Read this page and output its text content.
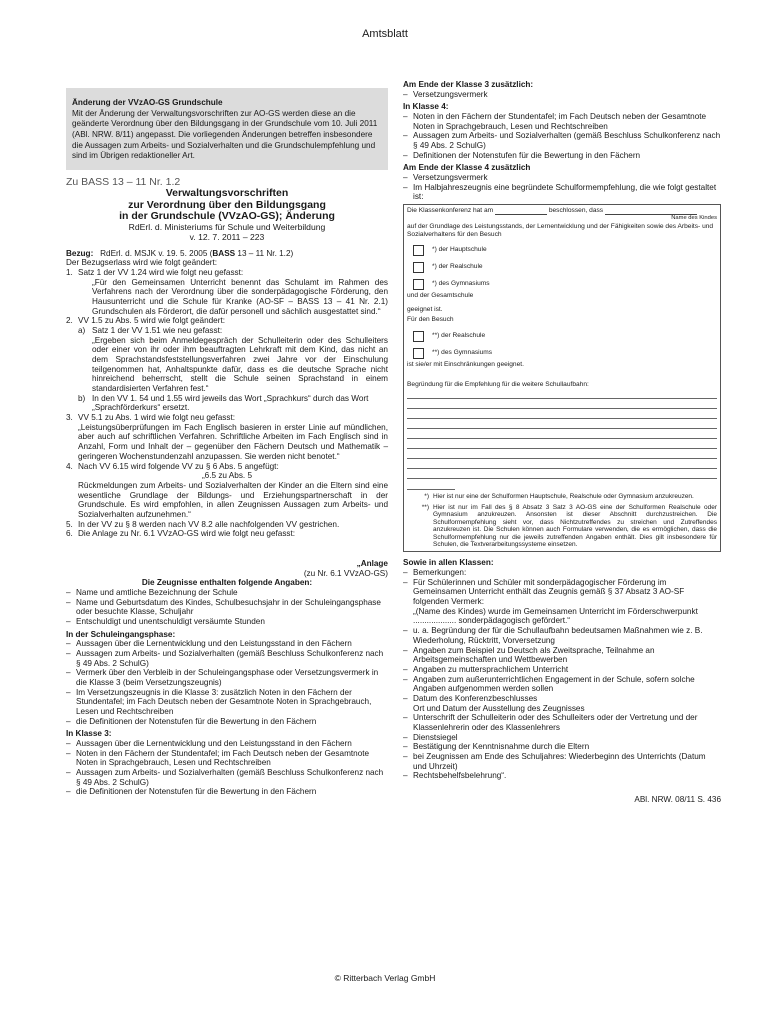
Amtsblatt
Änderung der VVzAO-GS Grundschule
Mit der Änderung der Verwaltungsvorschriften zur AO-GS werden diese an die geänderte Verordnung über den Bildungsgang in der Grundschule vom 10. Juli 2011 (ABl. NRW. 8/11) angepasst. Die vorliegenden Änderungen betreffen insbesondere die Aussagen zum Arbeits- und Sozialverhalten und die Grundschulempfehlung und sind im Übrigen redaktioneller Art.
Zu BASS 13 – 11 Nr. 1.2
Verwaltungsvorschriften
zur Verordnung über den Bildungsgang
in der Grundschule (VVzAO-GS); Änderung
RdErl. d. Ministeriums für Schule und Weiterbildung
v. 12. 7. 2011 – 223

Bezug: RdErl. d. MSJK v. 19. 5. 2005 (BASS 13 – 11 Nr. 1.2)

Der Bezugserlass wird wie folgt geändert:

1. Satz 1 der VV 1.24 wird wie folgt neu gefasst:

„Für den Gemeinsamen Unterricht benennt das Schulamt im Rahmen des Verfahrens nach der Verordnung über die sonderpädagogische Förderung, den Hausunterricht und die Schule für Kranke (AO-SF – BASS 13 – 41 Nr. 2.1) Grundschulen als Förderort, die dafür personell und sächlich ausgestattet sind.“

2. VV 1.5 zu Abs. 5 wird wie folgt geändert:
a) Satz 1 der VV 1.51 wie neu gefasst:

„Ergeben sich beim Anmeldegespräch der Schulleiterin oder des Schulleiters oder einer von ihr oder ihm beauftragten Lehrkraft mit dem Kind, das nicht an dem Sprachstandsfeststellungsverfahren zwei Jahre vor der Einschulung teilgenommen hat, Anhaltspunkte dafür, dass es die deutsche Sprache nicht hinreichend beherrscht, stellt die Schule seinen Sprachstand in einem standardisierten Verfahren fest.“

b) In den VV 1. 54 und 1.55 wird jeweils das Wort „Sprachkurs“ durch das Wort „Sprachförderkurs“ ersetzt.
3. VV 5.1 zu Abs. 1 wird wie folgt neu gefasst:

„Leistungsüberprüfungen im Fach Englisch basieren in erster Linie auf mündlichen, aber auch auf schriftlichen Verfahren. Schriftliche Arbeiten im Fach Englisch sind in Anzahl, Form und Inhalt der – gegenüber den Fächern Deutsch und Mathematik – geringeren Wochenstundenzahl anzupassen. Sie werden nicht benotet.“

4. Nach VV 6.15 wird folgende VV zu § 6 Abs. 5 angefügt:

„6.5 zu Abs. 5

Rückmeldungen zum Arbeits- und Sozialverhalten der Kinder an die Eltern sind eine wesentliche Grundlage der Bildungs- und Erziehungspartnerschaft in der Grundschule. Es wird empfohlen, in allen Zeugnissen Aussagen zum Arbeits- und Sozialverhalten aufzunehmen.“

5. In der VV zu § 8 werden nach VV 8.2 alle nachfolgenden VV gestrichen.
6. Die Anlage zu Nr. 6.1 VVzAO-GS wird wie folgt neu gefasst:

„Anlage

(zu Nr. 6.1 VVzAO-GS)

Die Zeugnisse enthalten folgende Angaben:

– Name und amtliche Bezeichnung der Schule
– Name und Geburtsdatum des Kindes, Schulbesuchsjahr in der Schuleingangsphase oder besuchte Klasse, Schuljahr
– Entschuldigt und unentschuldigt versäumte Stunden

In der Schuleingangsphase:

– Aussagen über die Lernentwicklung und den Leistungsstand in den Fächern
– Aussagen zum Arbeits- und Sozialverhalten (gemäß Beschluss Schulkonferenz nach § 49 Abs. 2 SchulG)
– Vermerk über den Verbleib in der Schuleingangsphase oder Versetzungsvermerk in die Klasse 3 (beim Versetzungszeugnis)
– Im Versetzungszeugnis in die Klasse 3: zusätzlich Noten in den Fächern der Stundentafel; im Fach Deutsch neben der Gesamtnote Noten in Sprachgebrauch, Lesen und Rechtschreiben
– die Definitionen der Notenstufen für die Bewertung in den Fächern

In Klasse 3:

– Aussagen über die Lernentwicklung und den Leistungsstand in den Fächern
– Noten in den Fächern der Stundentafel; im Fach Deutsch neben der Gesamtnote Noten in Sprachgebrauch, Lesen und Rechtschreiben
– Aussagen zum Arbeits- und Sozialverhalten (gemäß Beschluss Schulkonferenz nach § 49 Abs. 2 SchulG)
– die Definitionen der Notenstufen für die Bewertung in den Fächern

Am Ende der Klasse 3 zusätzlich:

– Versetzungsvermerk

In Klasse 4:

– Noten in den Fächern der Stundentafel; im Fach Deutsch neben der Gesamtnote Noten in Sprachgebrauch, Lesen und Rechtschreiben
– Aussagen zum Arbeits- und Sozialverhalten (gemäß Beschluss Schulkonferenz nach § 49 Abs. 2 SchulG)
– Definitionen der Notenstufen für die Bewertung in den Fächern

Am Ende der Klasse 4 zusätzlich

– Versetzungsvermerk
– Im Halbjahreszeugnis eine begründete Schulformempfehlung, die wie folgt gestaltet ist:
Die Klassenkonferenz hat am	beschlossen, dass
Name des Kindes
auf der Grundlage des Leistungsstands, der Lernentwicklung und der Fähigkeiten sowie des Arbeits- und Sozialverhaltens für den Besuch
*) der Hauptschule
*) der Realschule
*) des Gymnasiums
und der Gesamtschule
geeignet ist.
Für den Besuch
**) der Realschule
**) des Gymnasiums
ist sie/er mit Einschränkungen geeignet.
Begründung für die Empfehlung für die weitere Schullaufbahn:
*) Hier ist nur eine der Schulformen Hauptschule, Realschule oder Gymnasium anzukreuzen.
**) Hier ist nur im Fall des § 8 Absatz 3 Satz 3 AO-GS eine der Schulformen Realschule oder Gymnasium anzukreuzen. Ansonsten ist dieser Abschnitt durchzustreichen. Die Schulformempfehlung sieht vor, dass Nichtzutreffendes zu streichen und Zutreffendes anzukreuzen ist. Die Schulen können auch Formulare verwenden, die es ermöglichen, dass die Schulformempfehlung nur die jeweils zutreffenden Angaben enthält. Dies gilt insbesondere für Schulen, die Textverarbeitungssysteme einsetzen.

Sowie in allen Klassen:

– Bemerkungen:
– Für Schülerinnen und Schüler mit sonderpädagogischer Förderung im Gemeinsamen Unterricht enthält das Zeugnis gemäß § 37 Absatz 3 AO-SF folgenden Vermerk:
„(Name des Kindes) wurde im Gemeinsamen Unterricht im Förderschwerpunkt ................... sonderpädagogisch gefördert.“
– u. a. Begründung der für die Schullaufbahn bedeutsamen Maßnahmen wie z. B. Wiederholung, Rücktritt, Vorversetzung
– Angaben zum Beispiel zu Deutsch als Zweitsprache, Teilnahme an Arbeitsgemeinschaften und Wettbewerben
– Angaben zu muttersprachlichem Unterricht
– Angaben zum außerunterrichtlichen Engagement in der Schule, sofern solche Angaben aufgenommen werden sollen
– Datum des Konferenzbeschlusses
Ort und Datum der Ausstellung des Zeugnisses
– Unterschrift der Schulleiterin oder des Schulleiters oder der Vertretung und der Klassenlehrerin oder des Klassenlehrers
– Dienstsiegel
– Bestätigung der Kenntnisnahme durch die Eltern
– bei Zeugnissen am Ende des Schuljahres: Wiederbeginn des Unterrichts (Datum und Uhrzeit)
– Rechtsbehelfsbelehrung“.

ABl. NRW. 08/11 S. 436

© Ritterbach Verlag GmbH
